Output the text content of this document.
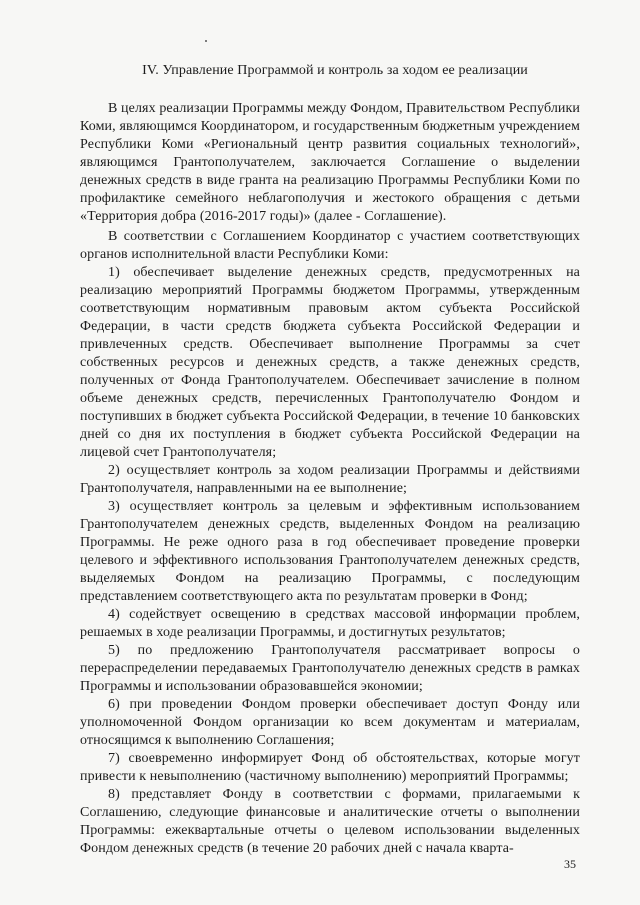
IV. Управление Программой и контроль за ходом ее реализации

В целях реализации Программы между Фондом, Правительством Республики Коми, являющимся Координатором, и государственным бюджетным учреждением Республики Коми «Региональный центр развития социальных технологий», являющимся Грантополучателем, заключается Соглашение о выделении денежных средств в виде гранта на реализацию Программы Республики Коми по профилактике семейного неблагополучия и жестокого обращения с детьми «Территория добра (2016-2017 годы)» (далее - Соглашение).

В соответствии с Соглашением Координатор с участием соответствующих органов исполнительной власти Республики Коми:

1) обеспечивает выделение денежных средств, предусмотренных на реализацию мероприятий Программы бюджетом Программы, утвержденным соответствующим нормативным правовым актом субъекта Российской Федерации, в части средств бюджета субъекта Российской Федерации и привлеченных средств. Обеспечивает выполнение Программы за счет собственных ресурсов и денежных средств, а также денежных средств, полученных от Фонда Грантополучателем. Обеспечивает зачисление в полном объеме денежных средств, перечисленных Грантополучателю Фондом и поступивших в бюджет субъекта Российской Федерации, в течение 10 банковских дней со дня их поступления в бюджет субъекта Российской Федерации на лицевой счет Грантополучателя;

2) осуществляет контроль за ходом реализации Программы и действиями Грантополучателя, направленными на ее выполнение;

3) осуществляет контроль за целевым и эффективным использованием Грантополучателем денежных средств, выделенных Фондом на реализацию Программы. Не реже одного раза в год обеспечивает проведение проверки целевого и эффективного использования Грантополучателем денежных средств, выделяемых Фондом на реализацию Программы, с последующим представлением соответствующего акта по результатам проверки в Фонд;

4) содействует освещению в средствах массовой информации проблем, решаемых в ходе реализации Программы, и достигнутых результатов;

5) по предложению Грантополучателя рассматривает вопросы о перераспределении передаваемых Грантополучателю денежных средств в рамках Программы и использовании образовавшейся экономии;

6) при проведении Фондом проверки обеспечивает доступ Фонду или уполномоченной Фондом организации ко всем документам и материалам, относящимся к выполнению Соглашения;

7) своевременно информирует Фонд об обстоятельствах, которые могут привести к невыполнению (частичному выполнению) мероприятий Программы;

8) представляет Фонду в соответствии с формами, прилагаемыми к Соглашению, следующие финансовые и аналитические отчеты о выполнении Программы: ежеквартальные отчеты о целевом использовании выделенных Фондом денежных средств (в течение 20 рабочих дней с начала кварта-

35
